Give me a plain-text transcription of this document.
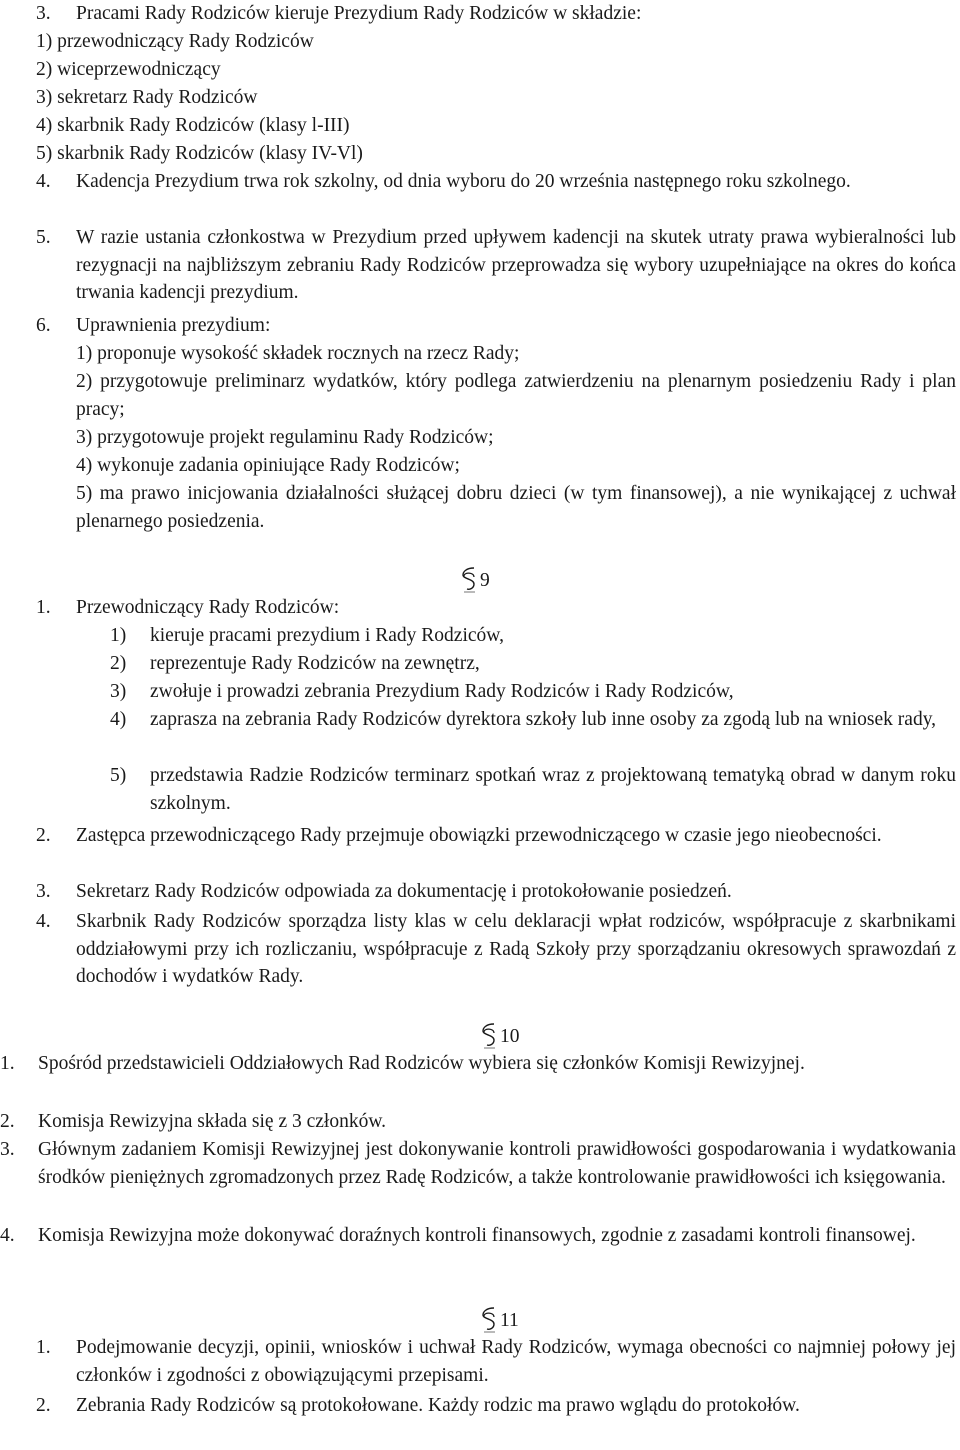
3.	Pracami Rady Rodziców kieruje Prezydium Rady Rodziców w składzie:
1) przewodniczący Rady Rodziców
2) wiceprzewodniczący
3) sekretarz Rady Rodziców
4) skarbnik Rady Rodziców (klasy l-III)
5) skarbnik Rady Rodziców (klasy IV-Vl)
4.	Kadencja Prezydium trwa rok szkolny, od dnia wyboru do 20 września następnego roku szkolnego.
5.	W razie ustania członkostwa w Prezydium przed upływem kadencji na skutek utraty prawa wybieralności lub rezygnacji na najbliższym zebraniu Rady Rodziców przeprowadza się wybory uzupełniające na okres do końca trwania kadencji prezydium.
6.	Uprawnienia prezydium:
1) proponuje wysokość składek rocznych na rzecz Rady;
2) przygotowuje preliminarz wydatków, który podlega zatwierdzeniu na plenarnym posiedzeniu Rady i plan pracy;
3) przygotowuje projekt regulaminu Rady Rodziców;
4) wykonuje zadania opiniujące Rady Rodziców;
5) ma prawo inicjowania działalności służącej dobru dzieci (w tym finansowej), a nie wynikającej z uchwał plenarnego posiedzenia.
9
1.	Przewodniczący Rady Rodziców:
1)	kieruje pracami prezydium i Rady Rodziców,
2)	reprezentuje Rady Rodziców na zewnętrz,
3)	zwołuje i prowadzi zebrania Prezydium Rady Rodziców i Rady Rodziców,
4)	zaprasza na zebrania Rady Rodziców dyrektora szkoły lub inne osoby za zgodą lub na wniosek rady,
5)	przedstawia Radzie Rodziców terminarz spotkań wraz z projektowaną tematyką obrad w danym roku szkolnym.
2.	Zastępca przewodniczącego Rady przejmuje obowiązki przewodniczącego w czasie jego nieobecności.
3.	Sekretarz Rady Rodziców odpowiada za dokumentację i protokołowanie posiedzeń.
4.	Skarbnik Rady Rodziców sporządza listy klas w celu deklaracji wpłat rodziców, współpracuje z skarbnikami oddziałowymi przy ich rozliczaniu, współpracuje z Radą Szkoły przy sporządzaniu okresowych sprawozdań z dochodów i wydatków Rady.
10
1.	Spośród przedstawicieli Oddziałowych Rad Rodziców wybiera się członków Komisji Rewizyjnej.
2.	Komisja Rewizyjna składa się z 3 członków.
3.	Głównym zadaniem Komisji Rewizyjnej jest dokonywanie kontroli prawidłowości gospodarowania i wydatkowania środków pieniężnych zgromadzonych przez Radę Rodziców, a także kontrolowanie prawidłowości ich księgowania.
4.	Komisja Rewizyjna może dokonywać doraźnych kontroli finansowych, zgodnie z zasadami kontroli finansowej.
11
1.	Podejmowanie decyzji, opinii, wniosków i uchwał Rady Rodziców, wymaga obecności co najmniej połowy jej członków i zgodności z obowiązującymi przepisami.
2.	Zebrania Rady Rodziców są protokołowane. Każdy rodzic ma prawo wglądu do protokołów.
